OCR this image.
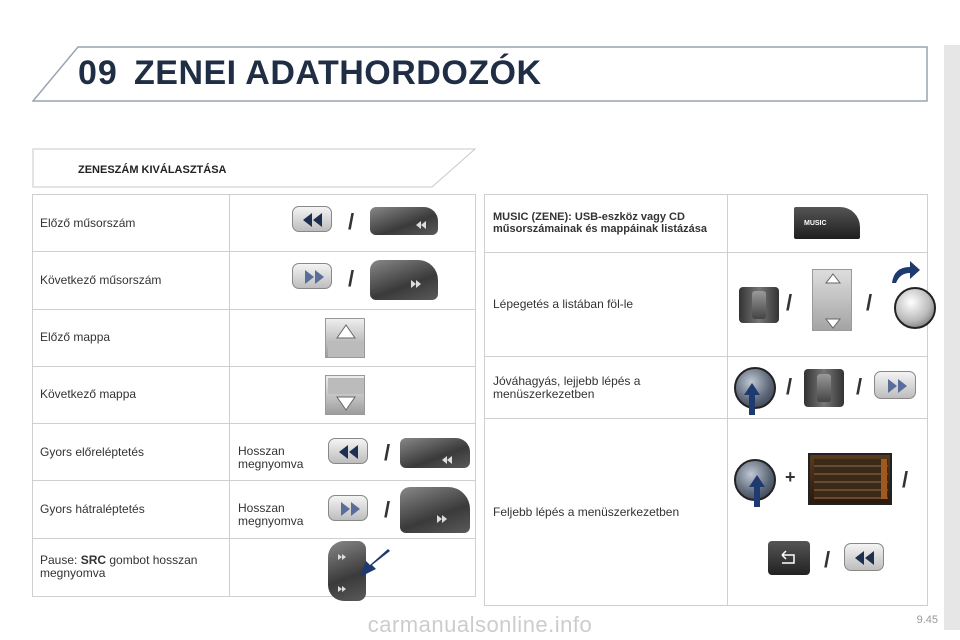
09 ZENEI ADATHORDOZÓK
ZENESZÁM KIVÁLASZTÁSA
Előző műsorszám	/
Következő műsorszám	/
Előző mappa
Következő mappa
Gyors előreléptetés	Hosszan megnyomva	/
Gyors hátraléptetés	Hosszan megnyomva	/
Pause: SRC gombot hosszan megnyomva
MUSIC (ZENE): USB-eszköz vagy CD műsorszámainak és mappáinak listázása	MUSIC
Lépegetés a listában föl-le	/	/
Jóváhagyás, lejjebb lépés a menüszerkezetben	/	/
Feljebb lépés a menüszerkezetben
+	/
/
9.45
carmanualsonline.info
